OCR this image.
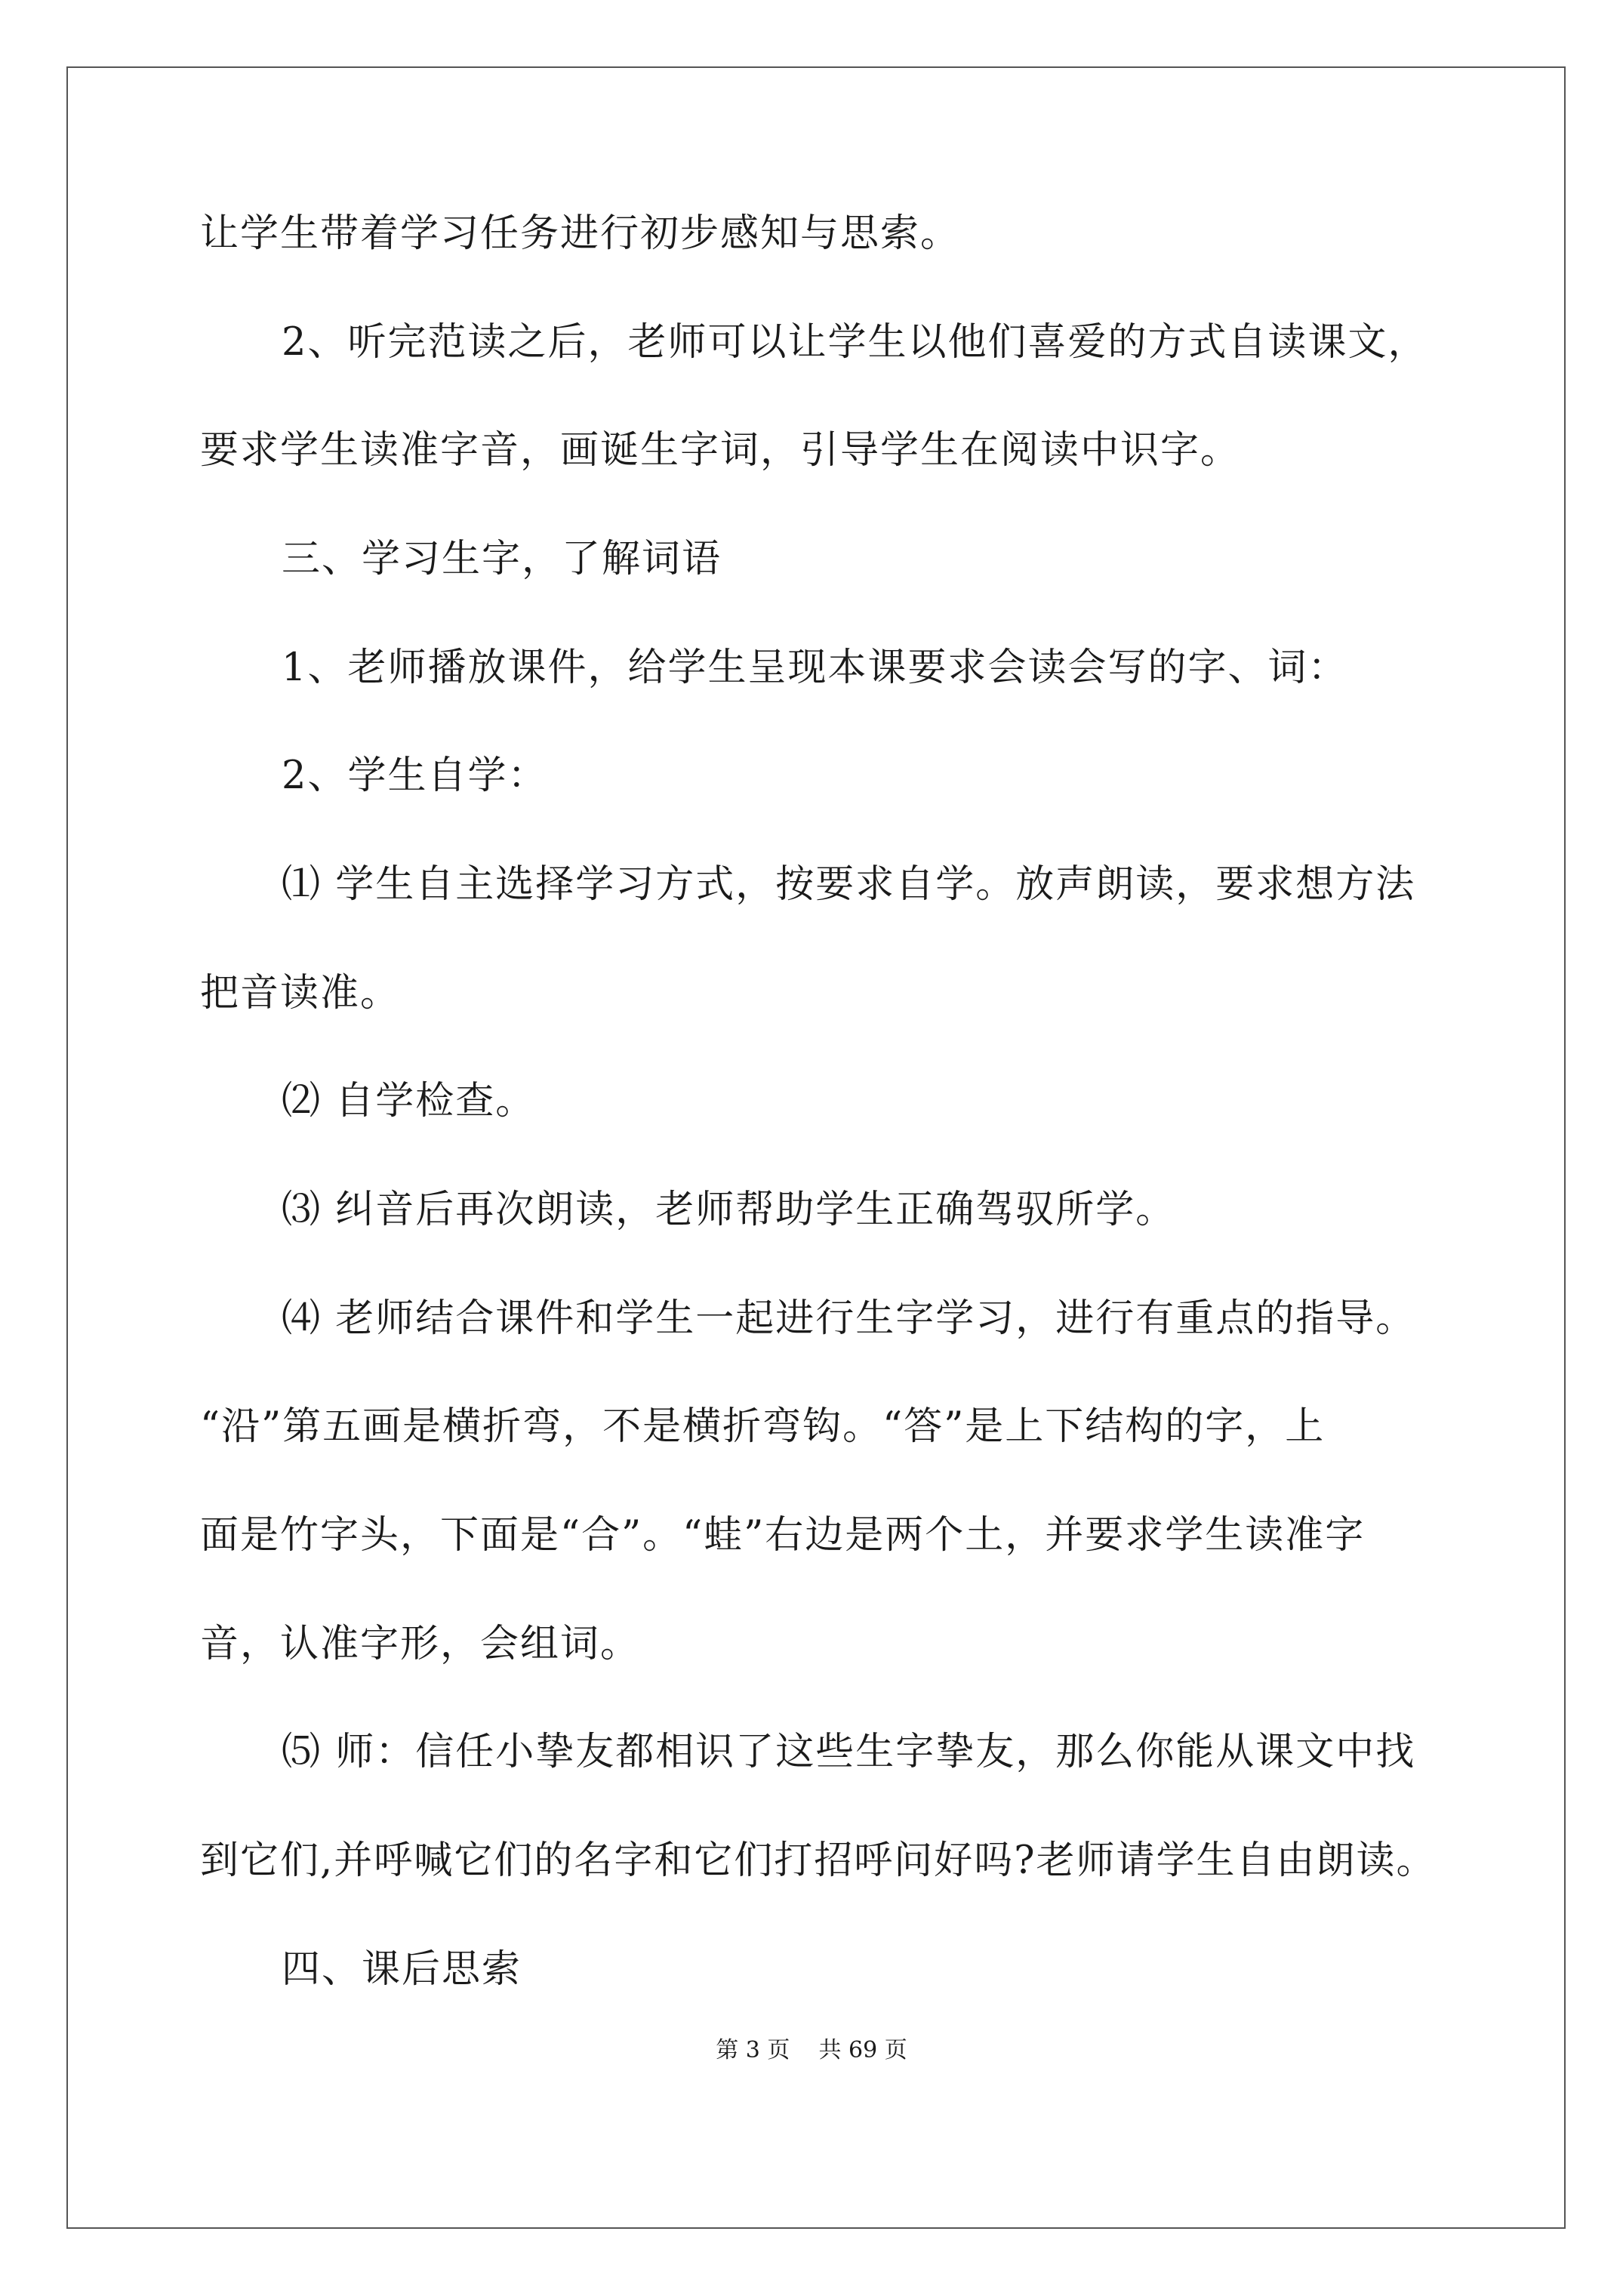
让学生带着学习任务进行初步感知与思索。
2、听完范读之后，老师可以让学生以他们喜爱的方式自读课文，
要求学生读准字音，画诞生字词，引导学生在阅读中识字。
三、学习生字，了解词语
1、老师播放课件，给学生呈现本课要求会读会写的字、词：
2、学生自学：
⑴ 学生自主选择学习方式，按要求自学。放声朗读，要求想方法
把音读准。
⑵ 自学检查。
⑶ 纠音后再次朗读，老师帮助学生正确驾驭所学。
⑷ 老师结合课件和学生一起进行生字学习，进行有重点的指导。
“沿”第五画是横折弯，不是横折弯钩。“答”是上下结构的字，上
面是竹字头，下面是“合”。“蛙”右边是两个土，并要求学生读准字
音，认准字形，会组词。
⑸ 师：信任小挚友都相识了这些生字挚友，那么你能从课文中找
到它们,并呼喊它们的名字和它们打招呼问好吗?老师请学生自由朗读。
四、课后思索
第 3 页    共 69 页
